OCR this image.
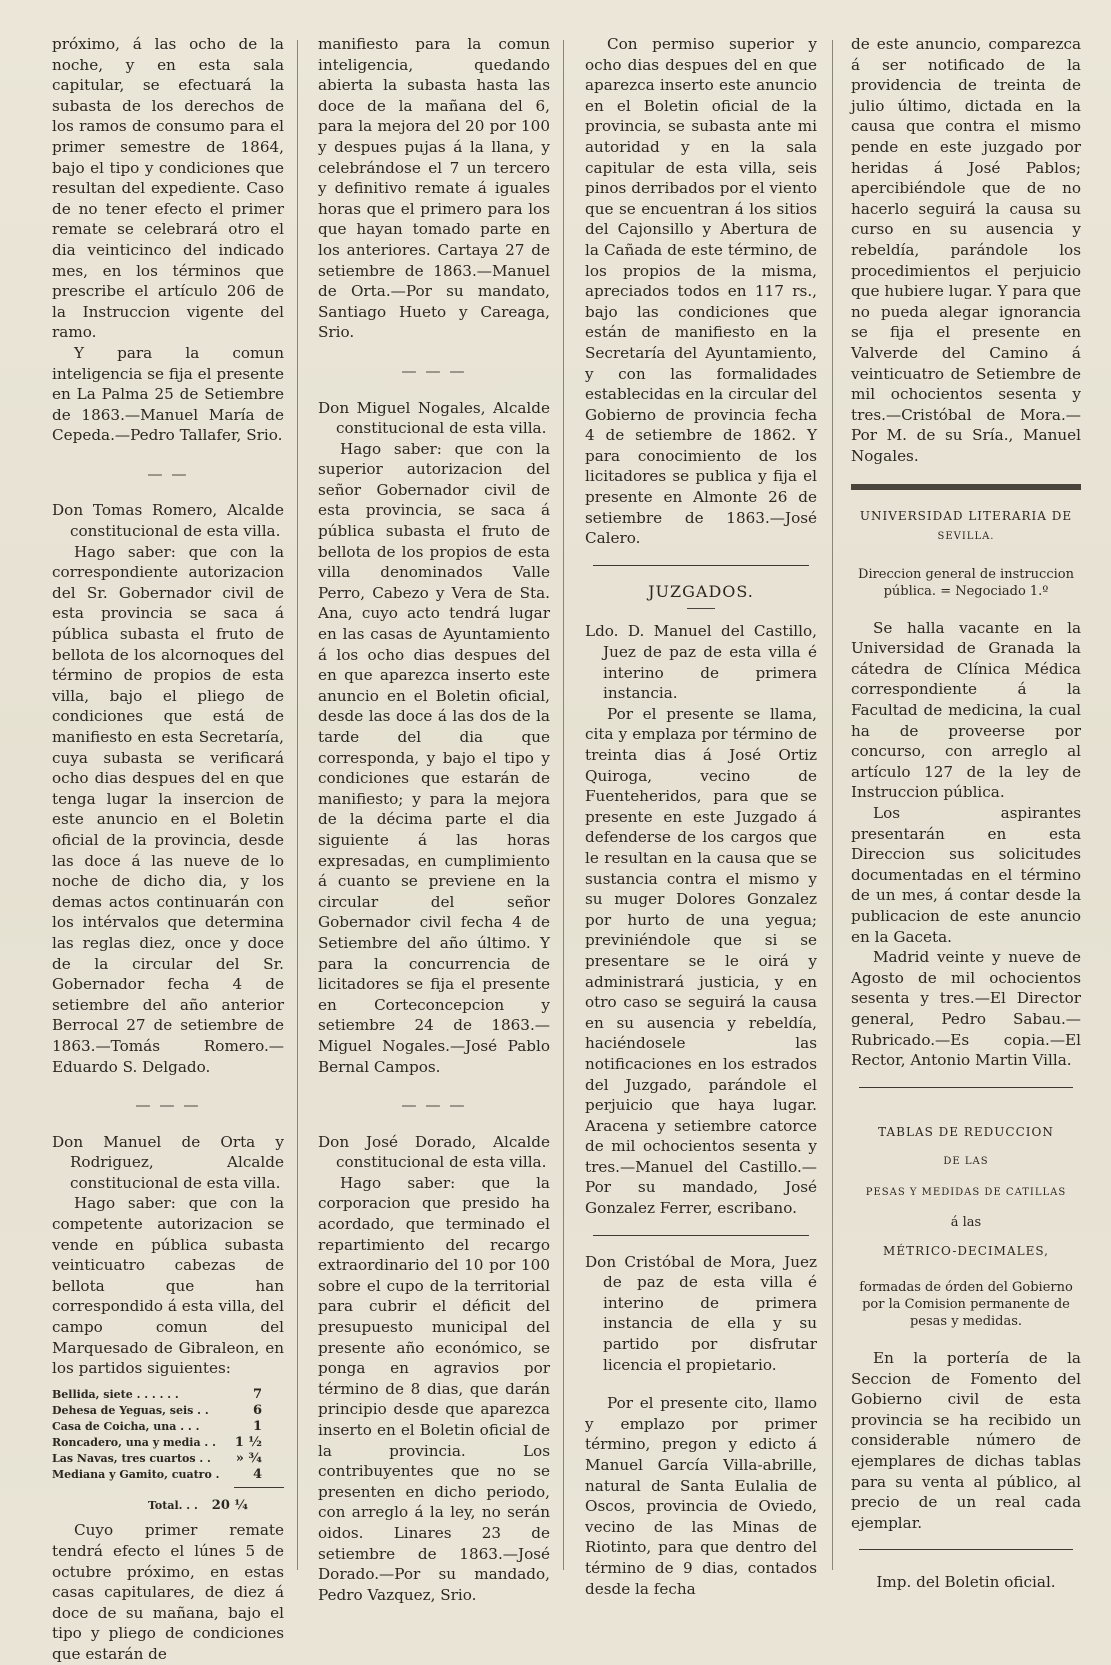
próximo, á las ocho de la noche, y en esta sala capitular, se efectuará la subasta de los derechos de los ramos de consumo para el primer semestre de 1864, bajo el tipo y condiciones que resultan del expediente. Caso de no tener efecto el primer remate se celebrará otro el dia veinticinco del indicado mes, en los términos que prescribe el artículo 206 de la Instruccion vigente del ramo.

Y para la comun inteligencia se fija el presente en La Palma 25 de Setiembre de 1863.—Manuel María de Cepeda.—Pedro Tallafer, Srio.

— —

Don Tomas Romero, Alcalde constitucional de esta villa.

Hago saber: que con la correspondiente autorizacion del Sr. Gobernador civil de esta provincia se saca á pública subasta el fruto de bellota de los alcornoques del término de propios de esta villa, bajo el pliego de condiciones que está de manifiesto en esta Secretaría, cuya subasta se verificará ocho dias despues del en que tenga lugar la insercion de este anuncio en el Boletin oficial de la provincia, desde las doce á las nueve de lo noche de dicho dia, y los demas actos continuarán con los intérvalos que determina las reglas diez, once y doce de la circular del Sr. Gobernador fecha 4 de setiembre del año anterior Berrocal 27 de setiembre de 1863.—Tomás Romero.—Eduardo S. Delgado.

— — —

Don Manuel de Orta y Rodriguez, Alcalde constitucional de esta villa.

Hago saber: que con la competente autorizacion se vende en pública subasta veinticuatro cabezas de bellota que han correspondido á esta villa, del campo comun del Marquesado de Gibraleon, en los partidos siguientes:

Bellida, siete . . . . . .	7
Dehesa de Yeguas, seis . .	6
Casa de Coicha, una . . .	1
Roncadero, una y media . .	1 ½
Las Navas, tres cuartos . .	» ¾
Mediana y Gamito, cuatro .	4
Total. . . 20 ¼

Cuyo primer remate tendrá efecto el lúnes 5 de octubre próximo, en estas casas capitulares, de diez á doce de su mañana, bajo el tipo y pliego de condiciones que estarán de

manifiesto para la comun inteligencia, quedando abierta la subasta hasta las doce de la mañana del 6, para la mejora del 20 por 100 y despues pujas á la llana, y celebrándose el 7 un tercero y definitivo remate á iguales horas que el primero para los que hayan tomado parte en los anteriores. Cartaya 27 de setiembre de 1863.—Manuel de Orta.—Por su mandato, Santiago Hueto y Careaga, Srio.

— — —

Don Miguel Nogales, Alcalde constitucional de esta villa.

Hago saber: que con la superior autorizacion del señor Gobernador civil de esta provincia, se saca á pública subasta el fruto de bellota de los propios de esta villa denominados Valle Perro, Cabezo y Vera de Sta. Ana, cuyo acto tendrá lugar en las casas de Ayuntamiento á los ocho dias despues del en que aparezca inserto este anuncio en el Boletin oficial, desde las doce á las dos de la tarde del dia que corresponda, y bajo el tipo y condiciones que estarán de manifiesto; y para la mejora de la décima parte el dia siguiente á las horas expresadas, en cumplimiento á cuanto se previene en la circular del señor Gobernador civil fecha 4 de Setiembre del año último. Y para la concurrencia de licitadores se fija el presente en Corteconcepcion y setiembre 24 de 1863.—Miguel Nogales.—José Pablo Bernal Campos.

— — —

Don José Dorado, Alcalde constitucional de esta villa.

Hago saber: que la corporacion que presido ha acordado, que terminado el repartimiento del recargo extraordinario del 10 por 100 sobre el cupo de la territorial para cubrir el déficit del presupuesto municipal del presente año económico, se ponga en agravios por término de 8 dias, que darán principio desde que aparezca inserto en el Boletin oficial de la provincia. Los contribuyentes que no se presenten en dicho periodo, con arreglo á la ley, no serán oidos. Linares 23 de setiembre de 1863.—José Dorado.—Por su mandado, Pedro Vazquez, Srio.

Con permiso superior y ocho dias despues del en que aparezca inserto este anuncio en el Boletin oficial de la provincia, se subasta ante mi autoridad y en la sala capitular de esta villa, seis pinos derribados por el viento que se encuentran á los sitios del Cajonsillo y Abertura de la Cañada de este término, de los propios de la misma, apreciados todos en 117 rs., bajo las condiciones que están de manifiesto en la Secretaría del Ayuntamiento, y con las formalidades establecidas en la circular del Gobierno de provincia fecha 4 de setiembre de 1862. Y para conocimiento de los licitadores se publica y fija el presente en Almonte 26 de setiembre de 1863.—José Calero.

JUZGADOS.

Ldo. D. Manuel del Castillo, Juez de paz de esta villa é interino de primera instancia.

Por el presente se llama, cita y emplaza por término de treinta dias á José Ortiz Quiroga, vecino de Fuenteheridos, para que se presente en este Juzgado á defenderse de los cargos que le resultan en la causa que se sustancia contra el mismo y su muger Dolores Gonzalez por hurto de una yegua; previniéndole que si se presentare se le oirá y administrará justicia, y en otro caso se seguirá la causa en su ausencia y rebeldía, haciéndosele las notificaciones en los estrados del Juzgado, parándole el perjuicio que haya lugar. Aracena y setiembre catorce de mil ochocientos sesenta y tres.—Manuel del Castillo.—Por su mandado, José Gonzalez Ferrer, escribano.

Don Cristóbal de Mora, Juez de paz de esta villa é interino de primera instancia de ella y su partido por disfrutar licencia el propietario.

Por el presente cito, llamo y emplazo por primer término, pregon y edicto á Manuel García Villa-abrille, natural de Santa Eulalia de Oscos, provincia de Oviedo, vecino de las Minas de Riotinto, para que dentro del término de 9 dias, contados desde la fecha

de este anuncio, comparezca á ser notificado de la providencia de treinta de julio último, dictada en la causa que contra el mismo pende en este juzgado por heridas á José Pablos; apercibiéndole que de no hacerlo seguirá la causa su curso en su ausencia y rebeldía, parándole los procedimientos el perjuicio que hubiere lugar. Y para que no pueda alegar ignorancia se fija el presente en Valverde del Camino á veinticuatro de Setiembre de mil ochocientos sesenta y tres.—Cristóbal de Mora.—Por M. de su Sría., Manuel Nogales.

UNIVERSIDAD LITERARIA DE
SEVILLA.

Direccion general de instruccion pública. = Negociado 1.º

Se halla vacante en la Universidad de Granada la cátedra de Clínica Médica correspondiente á la Facultad de medicina, la cual ha de proveerse por concurso, con arreglo al artículo 127 de la ley de Instruccion pública.

Los aspirantes presentarán en esta Direccion sus solicitudes documentadas en el término de un mes, á contar desde la publicacion de este anuncio en la Gaceta.

Madrid veinte y nueve de Agosto de mil ochocientos sesenta y tres.—El Director general, Pedro Sabau.—Rubricado.—Es copia.—El Rector, Antonio Martin Villa.

TABLAS DE REDUCCION
DE LAS
PESAS Y MEDIDAS DE CATILLAS
á las
MÉTRICO-DECIMALES,

formadas de órden del Gobierno por la Comision permanente de pesas y medidas.

En la portería de la Seccion de Fomento del Gobierno civil de esta provincia se ha recibido un considerable número de ejemplares de dichas tablas para su venta al público, al precio de un real cada ejemplar.

Imp. del Boletin oficial.
